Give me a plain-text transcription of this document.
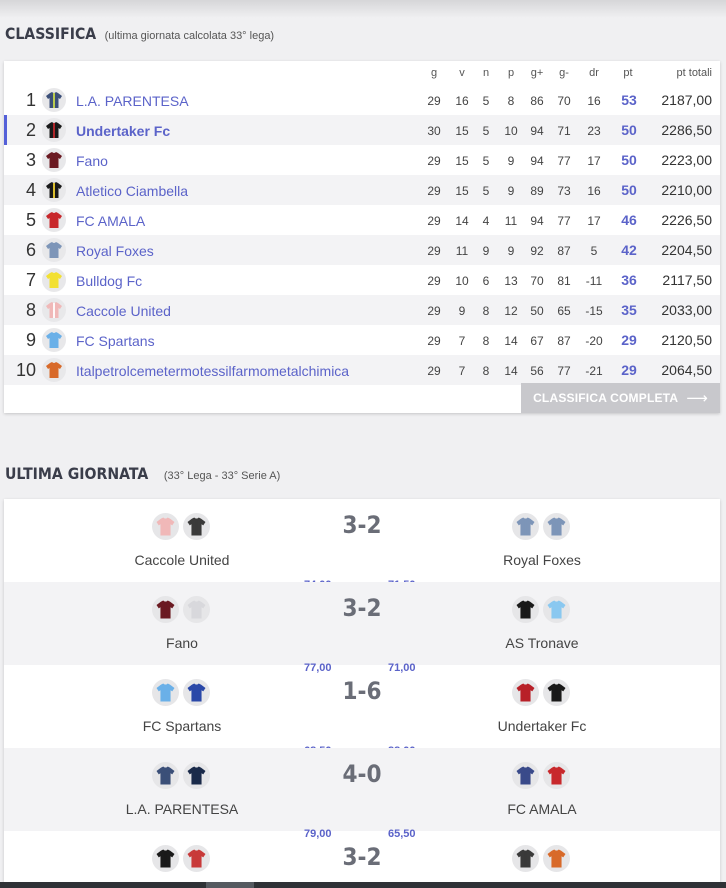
CLASSIFICA (ultima giornata calcolata 33° lega)
g	v	n	p	g+	g-	dr	pt	pt totali
1	L.A. PARENTESA	29	16	5	8	86	70	16	53	2187,00
2	Undertaker Fc	30	15	5	10	94	71	23	50	2286,50
3	Fano	29	15	5	9	94	77	17	50	2223,00
4	Atletico Ciambella	29	15	5	9	89	73	16	50	2210,00
5	FC AMALA	29	14	4	11	94	77	17	46	2226,50
6	Royal Foxes	29	11	9	9	92	87	5	42	2204,50
7	Bulldog Fc	29	10	6	13	70	81	-11	36	2117,50
8	Caccole United	29	9	8	12	50	65	-15	35	2033,00
9	FC Spartans	29	7	8	14	67	87	-20	29	2120,50
10	Italpetrolcemetermotessilfarmometalchimica	29	7	8	14	56	77	-21	29	2064,50
CLASSIFICA COMPLETA ⟶
ULTIMA GIORNATA (33° Lega - 33° Serie A)
3-2
Caccole United	Royal Foxes
3-2
Fano	AS Tronave
77,00	71,00
1-6
FC Spartans	Undertaker Fc
4-0
L.A. PARENTESA	FC AMALA
79,00	65,50
3-2
